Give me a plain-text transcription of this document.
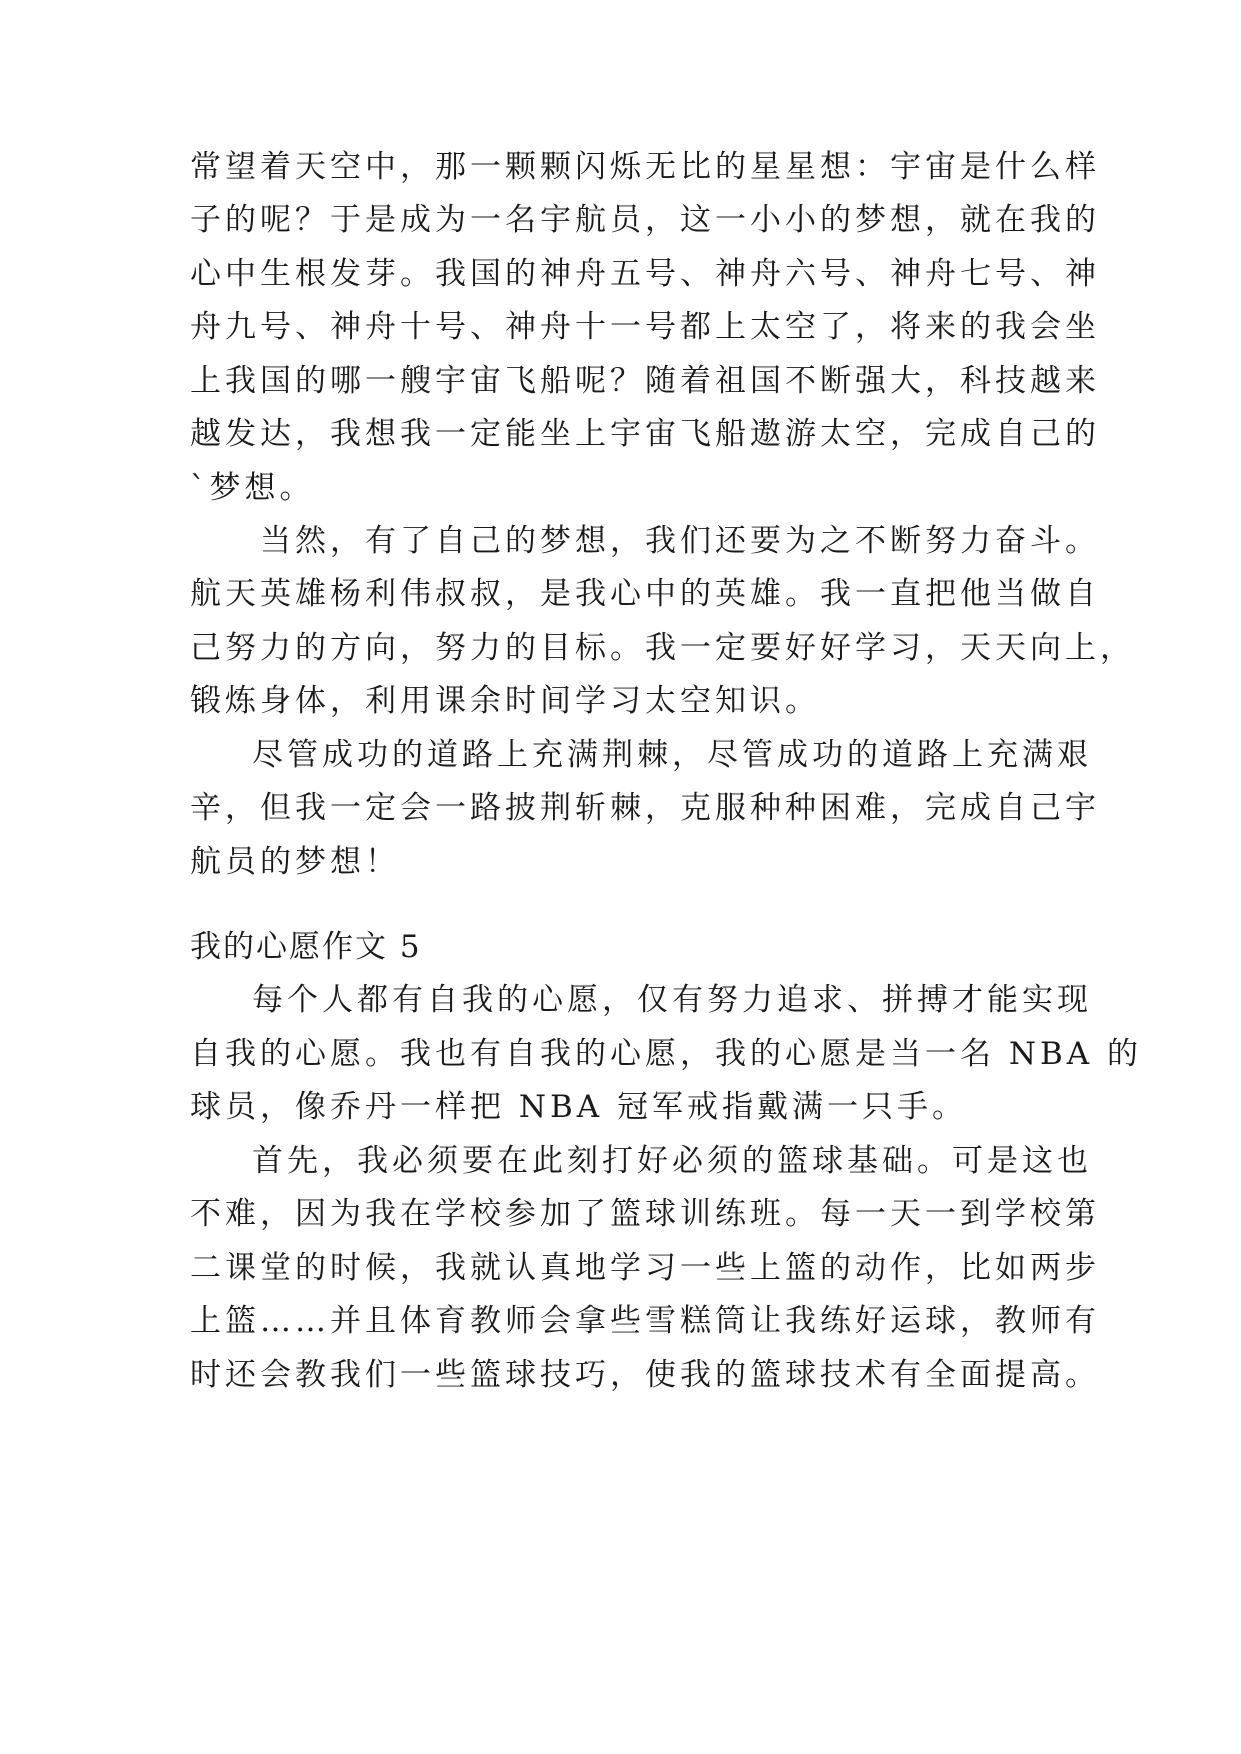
常望着天空中，那一颗颗闪烁无比的星星想：宇宙是什么样
子的呢？于是成为一名宇航员，这一小小的梦想，就在我的
心中生根发芽。我国的神舟五号、神舟六号、神舟七号、神
舟九号、神舟十号、神舟十一号都上太空了，将来的我会坐
上我国的哪一艘宇宙飞船呢？随着祖国不断强大，科技越来
越发达，我想我一定能坐上宇宙飞船遨游太空，完成自己的
`梦想。
当然，有了自己的梦想，我们还要为之不断努力奋斗。
航天英雄杨利伟叔叔，是我心中的英雄。我一直把他当做自
己努力的方向，努力的目标。我一定要好好学习，天天向上，
锻炼身体，利用课余时间学习太空知识。
尽管成功的道路上充满荆棘，尽管成功的道路上充满艰
辛，但我一定会一路披荆斩棘，克服种种困难，完成自己宇
航员的梦想！
我的心愿作文 5
每个人都有自我的心愿，仅有努力追求、拼搏才能实现
自我的心愿。我也有自我的心愿，我的心愿是当一名 NBA 的
球员，像乔丹一样把 NBA 冠军戒指戴满一只手。
首先，我必须要在此刻打好必须的篮球基础。可是这也
不难，因为我在学校参加了篮球训练班。每一天一到学校第
二课堂的时候，我就认真地学习一些上篮的动作，比如两步
上篮……并且体育教师会拿些雪糕筒让我练好运球，教师有
时还会教我们一些篮球技巧，使我的篮球技术有全面提高。
